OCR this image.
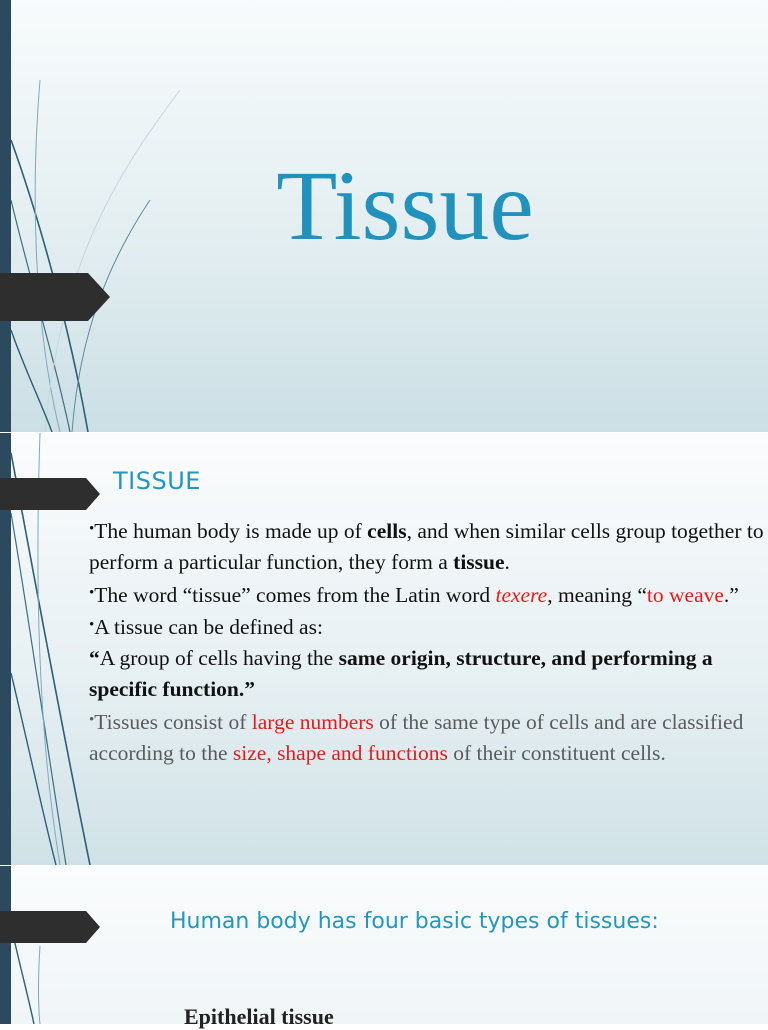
Tissue
TISSUE

•The human body is made up of cells, and when similar cells group together to perform a particular function, they form a tissue.

•The word “tissue” comes from the Latin word texere, meaning “to weave.”

•A tissue can be defined as:

“A group of cells having the same origin, structure, and performing a specific function.”

•Tissues consist of large numbers of the same type of cells and are classified according to the size, shape and functions of their constituent cells.

Human body has four basic types of tissues:
Epithelial tissue
